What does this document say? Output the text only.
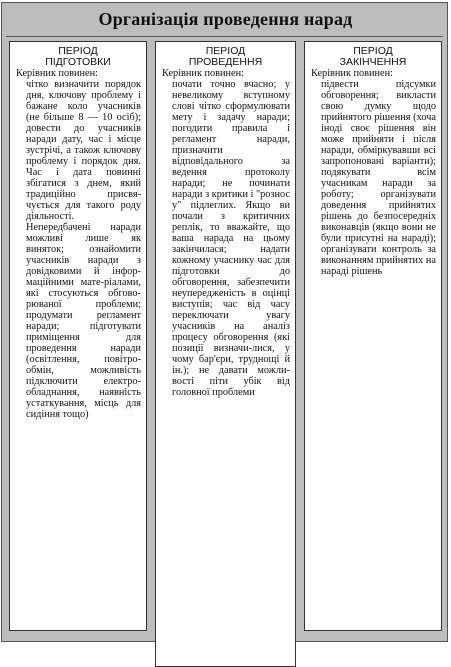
Організація проведення нарад
ПЕРІОД
ПІДГОТОВКИ
Керівник повинен:

чітко визначити порядок дня, ключову проблему і бажане коло учасників (не більше 8 — 10 осіб); довести до учасників наради дату, час і місце зустрічі, а також ключову проблему і порядок дня. Час і дата повинні збігатися з днем, який традиційно присвя-чується для такого роду діяльності. Непередбачені наради можливі лише як виняток; ознайомити учасників наради з довідковими й інфор-маційними мате-ріалами, які стосуються обгово-рюваної проблеми; продумати регламент наради; підготувати приміщення для проведення наради (освітлення, повітро-обмін, можливість підключити електро-обладнання, наявність устаткування, місць для сидіння тощо)

ПЕРІОД
ПРОВЕДЕННЯ
Керівник повинен:

почати точно вчасно; у невеликому вступному слові чітко сформулювати мету і задачу наради; погодити правила і регламент наради, призначити відповідального за ведення протоколу наради; не починати наради з критики і "рознос у" підлеглих. Якщо ви почали з критичних реплік, то вважайте, що ваша нарада на цьому закінчилася; надати кожному учаснику час для підготовки до обговорення, забезпечити неупередженість в оцінці виступів; час від часу переключати увагу учасників на аналіз процесу обговорення (які позиції визначи-лися, у чому бар'єри, труднощі й ін.); не давати можли-вості піти убік від головної проблеми

ПЕРІОД
ЗАКІНЧЕННЯ
Керівник повинен:

підвести підсумки обговорення; викласти свою думку щодо прийнятого рішення (хоча іноді своє рішення він може прийняти і після наради, обміркувавши всі запропоновані варіанти); подякувати всім учасникам наради за роботу; організувати доведення прийнятих рішень до безпосередніх виконавців (якщо вони не були присутні на нараді); організувати контроль за виконанням прийнятих на нараді рішень
